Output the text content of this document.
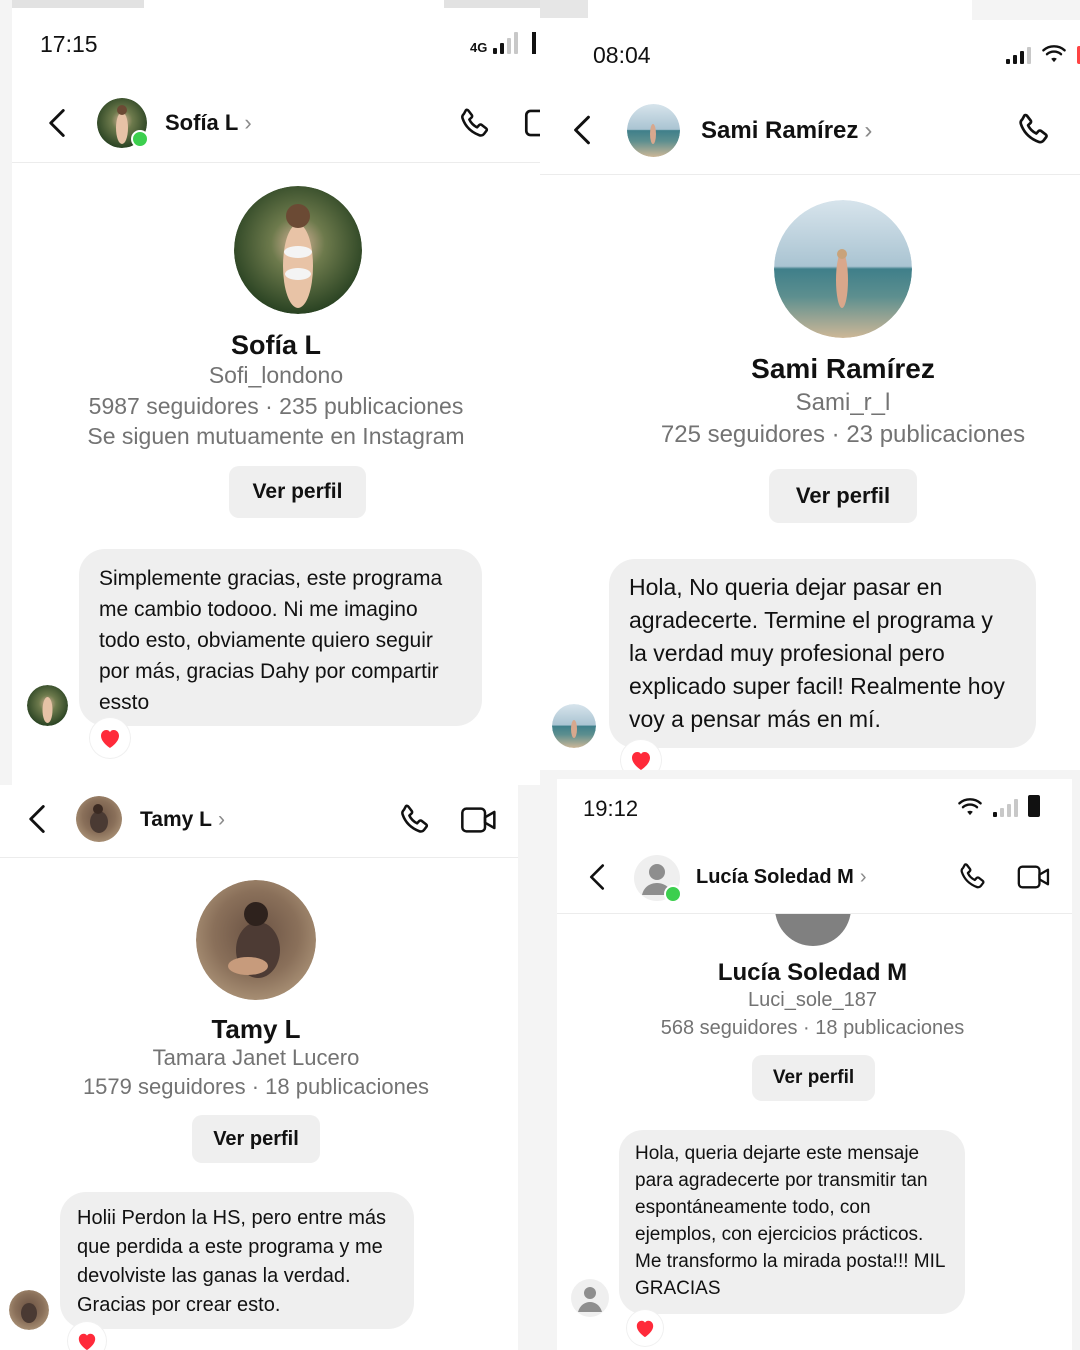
17:15	4G
Sofía L ›
Sofía L
Sofi_londono
5987 seguidores · 235 publicaciones
Se siguen mutuamente en Instagram
Ver perfil
Simplemente gracias, este programa me cambio todooo. Ni me imagino todo esto, obviamente quiero seguir por más, gracias Dahy por compartir essto
08:04
Sami Ramírez ›
Sami Ramírez
Sami_r_l
725 seguidores · 23 publicaciones
Ver perfil
Hola, No queria dejar pasar en agradecerte. Termine el programa y la verdad muy profesional pero explicado super facil! Realmente hoy voy a pensar más en mí.
Tamy L ›
Tamy L
Tamara Janet Lucero
1579 seguidores · 18 publicaciones
Ver perfil
Holii Perdon la HS, pero entre más que perdida a este programa y me devolviste las ganas la verdad. Gracias por crear esto.
19:12
Lucía Soledad M ›
Lucía Soledad M
Luci_sole_187
568 seguidores · 18 publicaciones
Ver perfil
Hola, queria dejarte este mensaje para agradecerte por transmitir tan espontáneamente todo, con ejemplos, con ejercicios prácticos. Me transformo la mirada posta!!! MIL GRACIAS
